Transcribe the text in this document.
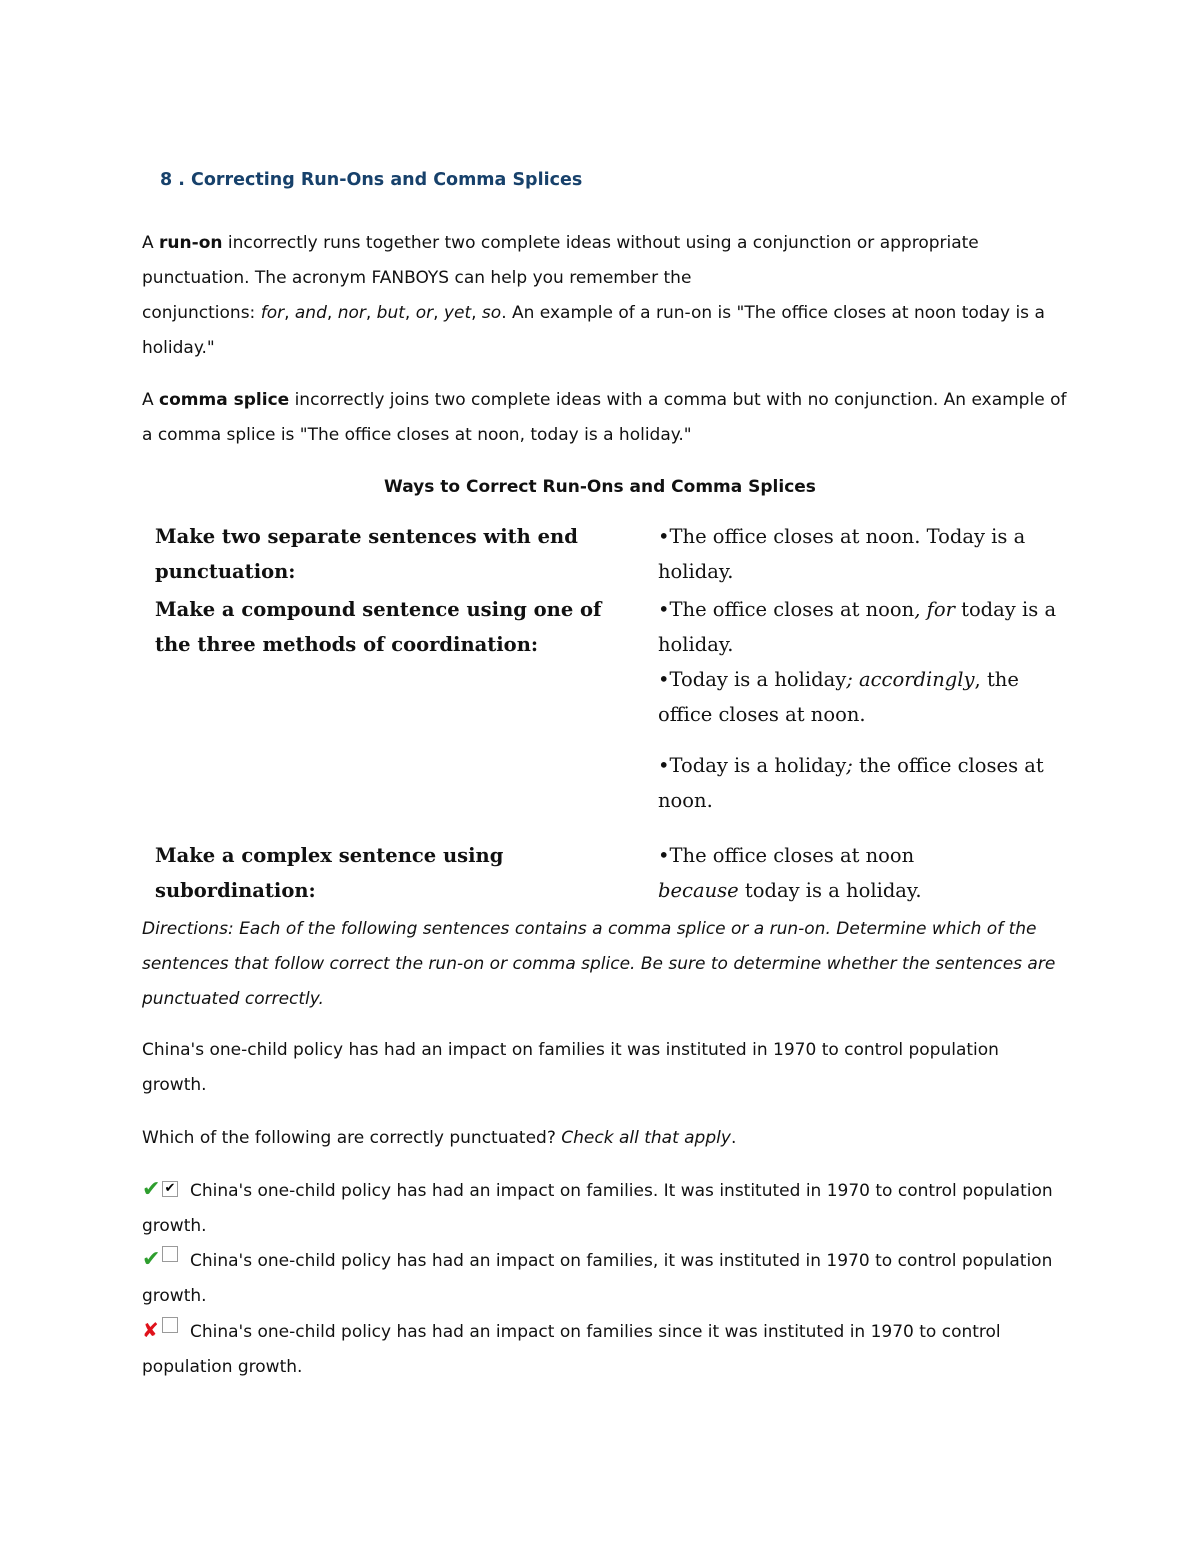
8 . Correcting Run-Ons and Comma Splices

A run-on incorrectly runs together two complete ideas without using a conjunction or appropriate punctuation. The acronym FANBOYS can help you remember the
conjunctions: for, and, nor, but, or, yet, so. An example of a run-on is "The office closes at noon today is a holiday."

A comma splice incorrectly joins two complete ideas with a comma but with no conjunction. An example of a comma splice is "The office closes at noon, today is a holiday."

Ways to Correct Run-Ons and Comma Splices

Make two separate sentences with end punctuation:
•The office closes at noon. Today is a holiday.
Make a compound sentence using one of the three methods of coordination:
•The office closes at noon, for today is a holiday.
•Today is a holiday; accordingly, the office closes at noon.
•Today is a holiday; the office closes at noon.
Make a complex sentence using subordination:
•The office closes at noon because today is a holiday.

Directions: Each of the following sentences contains a comma splice or a run-on. Determine which of the sentences that follow correct the run-on or comma splice. Be sure to determine whether the sentences are punctuated correctly.

China's one-child policy has had an impact on families it was instituted in 1970 to control population growth.

Which of the following are correctly punctuated? Check all that apply.

✔ ✔ China's one-child policy has had an impact on families. It was instituted in 1970 to control population growth.
✔ China's one-child policy has had an impact on families, it was instituted in 1970 to control population growth.
✘ China's one-child policy has had an impact on families since it was instituted in 1970 to control population growth.
